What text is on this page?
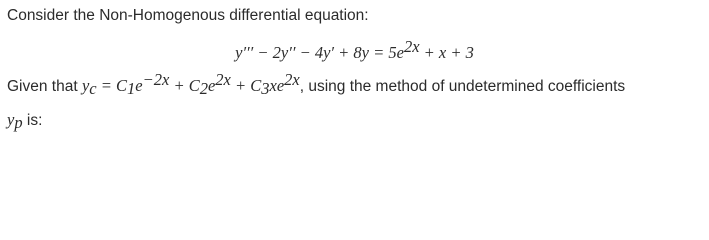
Consider the Non-Homogenous differential equation:
$y''' - 2y'' - 4y' + 8y = 5e^{2x} + x + 3$
Given that $y_c = C_1e^{-2x} + C_2e^{2x} + C_3xe^{2x}$, using the method of undetermined coefficients
$y_p$ is:
